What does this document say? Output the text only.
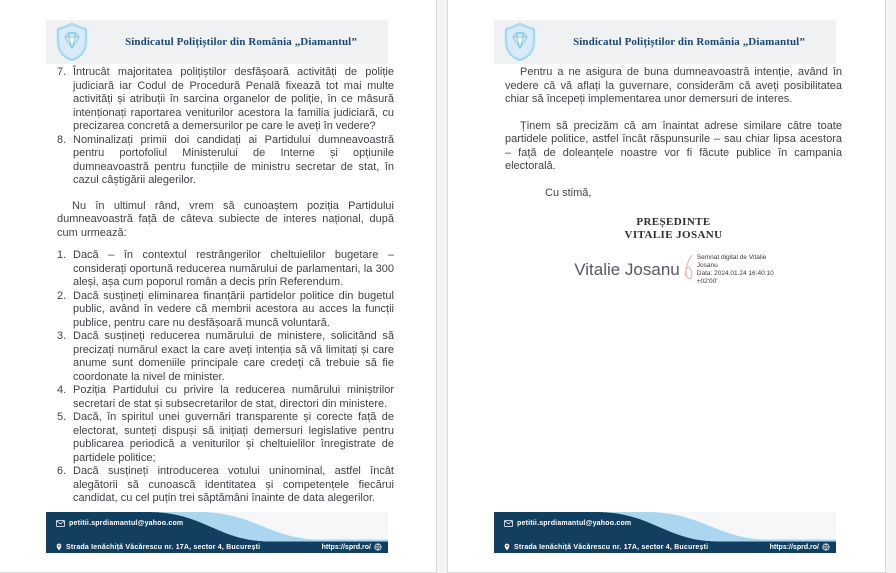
Sindicatul Polițiștilor din România „Diamantul”
7. Întrucât majoritatea polițiștilor desfășoară activități de poliție judiciară iar Codul de Procedură Penală fixează tot mai multe activități și atribuții în sarcina organelor de poliție, în ce măsură intenționați raportarea veniturilor acestora la familia judiciară, cu precizarea concretă a demersurilor pe care le aveți în vedere?
8. Nominalizați primii doi candidați ai Partidului dumneavoastră pentru portofoliul Ministerului de Interne și opțiunile dumneavoastră pentru funcțiile de ministru secretar de stat, în cazul câștigării alegerilor.

Nu în ultimul rând, vrem să cunoaștem poziția Partidului dumneavoastră față de câteva subiecte de interes național, după cum urmează:

1. Dacă – în contextul restrângerilor cheltuielilor bugetare – considerați oportună reducerea numărului de parlamentari, la 300 aleși, așa cum poporul român a decis prin Referendum.
2. Dacă susțineți eliminarea finanțării partidelor politice din bugetul public, având în vedere că membrii acestora au acces la funcții publice, pentru care nu desfășoară muncă voluntară.
3. Dacă susțineți reducerea numărului de ministere, solicitând să precizați numărul exact la care aveți intenția să vă limitați și care anume sunt domeniile principale care credeți că trebuie să fie coordonate la nivel de minister.
4. Poziția Partidului cu privire la reducerea numărului miniștrilor secretari de stat și subsecretarilor de stat, directori din ministere.
5. Dacă, în spiritul unei guvernări transparente și corecte față de electorat, sunteți dispuși să inițiați demersuri legislative pentru publicarea periodică a veniturilor și cheltuielilor înregistrate de partidele politice;
6. Dacă susțineți introducerea votului uninominal, astfel încât alegătorii să cunoască identitatea și competențele fiecărui candidat, cu cel puțin trei săptămâni înainte de data alegerilor.
petitii.sprdiamantul@yahoo.com
Strada Ienăchiță Văcărescu nr. 17A, sector 4, București	https://sprd.ro/
Sindicatul Polițiștilor din România „Diamantul”

Pentru a ne asigura de buna dumneavoastră intenție, având în vedere că vă aflați la guvernare, considerăm că aveți posibilitatea chiar să începeți implementarea unor demersuri de interes.

Ținem să precizăm că am înaintat adrese similare către toate partidele politice, astfel încât răspunsurile – sau chiar lipsa acestora – față de doleanțele noastre vor fi făcute publice în campania electorală.

Cu stimă,
PREȘEDINTE
VITALIE JOSANU
Vitalie Josanu
Semnat digital de Vitalie
Josanu
Data: 2024.01.24 16:40:10
+02'00'
petitii.sprdiamantul@yahoo.com
Strada Ienăchiță Văcărescu nr. 17A, sector 4, București	https://sprd.ro/
